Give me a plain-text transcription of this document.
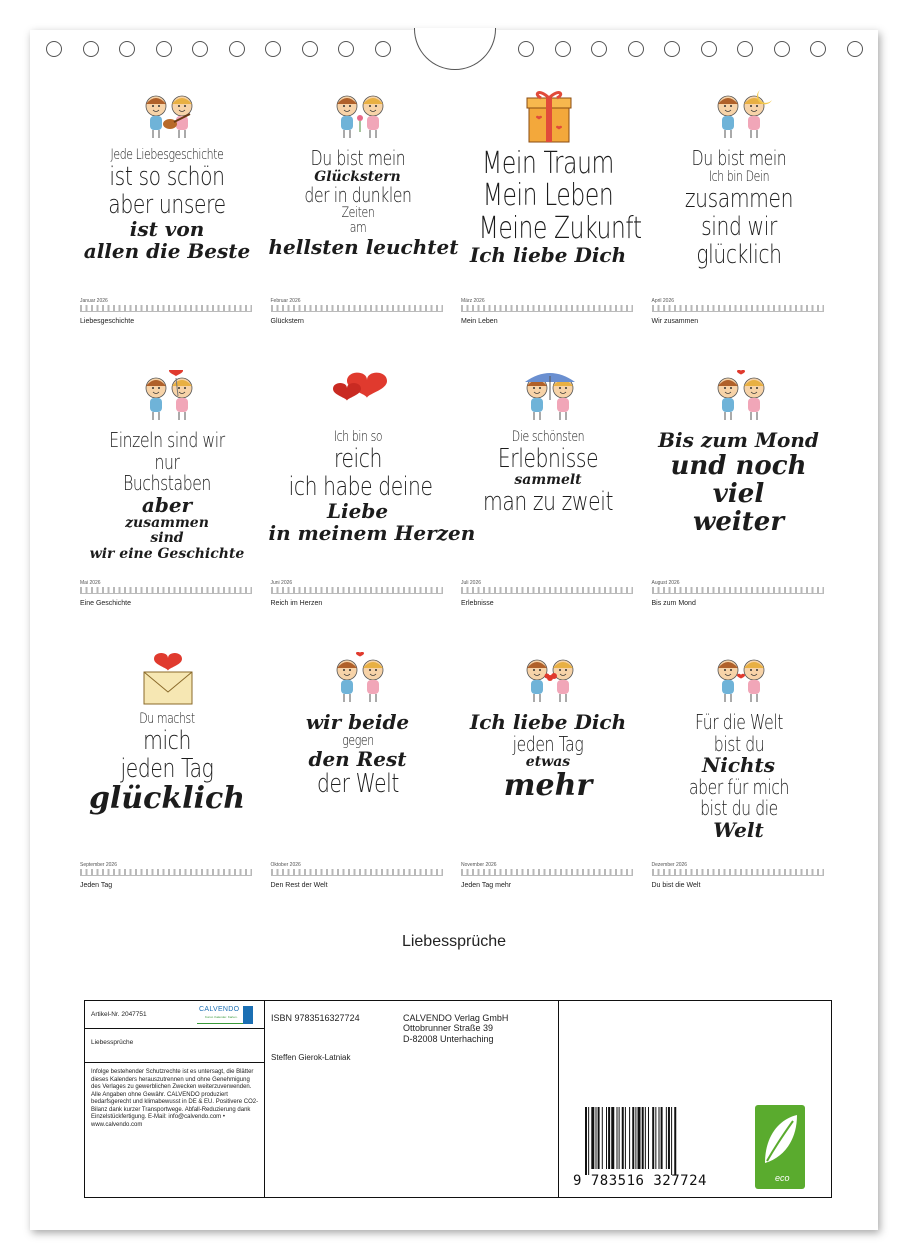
Jede Liebesgeschichte
ist so schön
aber unsere
ist von
allen die Beste
Januar 2026
Liebesgeschichte
Du bist mein
Glückstern
der in dunklen
Zeiten
am
hellsten leuchtet
Februar 2026
Glückstern
Mein Traum
Mein Leben
Meine Zukunft
Ich liebe Dich
März 2026
Mein Leben
Du bist mein
Ich bin Dein
zusammen
sind wir
glücklich
April 2026
Wir zusammen
Einzeln sind wir
nur
Buchstaben
aber
zusammen
sind
wir eine Geschichte
Mai 2026
Eine Geschichte
Ich bin so
reich
ich habe deine
Liebe
in meinem Herzen
Juni 2026
Reich im Herzen
Die schönsten
Erlebnisse
sammelt
man zu zweit
Juli 2026
Erlebnisse
Bis zum Mond
und noch
viel
weiter
August 2026
Bis zum Mond
Du machst
mich
jeden Tag
glücklich
September 2026
Jeden Tag
wir beide
gegen
den Rest
der Welt
Oktober 2026
Den Rest der Welt
Ich liebe Dich
jeden Tag
etwas
mehr
November 2026
Jeden Tag mehr
Für die Welt
bist du
Nichts
aber für mich
bist du die
Welt
Dezember 2026
Du bist die Welt
Liebessprüche
Artikel-Nr. 2047751
CALVENDO
Kunst. Kalender. Karten.
Liebessprüche
Infolge bestehender Schutzrechte ist es untersagt, die Blätter dieses Kalenders herauszutrennen und ohne Genehmigung des Verlages zu gewerblichen Zwecken weiterzuverwenden. Alle Angaben ohne Gewähr. CALVENDO produziert bedarfsgerecht und klimabewusst in DE & EU. Positivere CO2-Bilanz dank kurzer Transportwege. Abfall-Reduzierung dank Einzelstückfertigung. E-Mail: info@calvendo.com • www.calvendo.com
ISBN 9783516327724
Steffen Gierok-Latniak
CALVENDO Verlag GmbH
Ottobrunner Straße 39
D-82008 Unterhaching
9 783516 327724	eco
